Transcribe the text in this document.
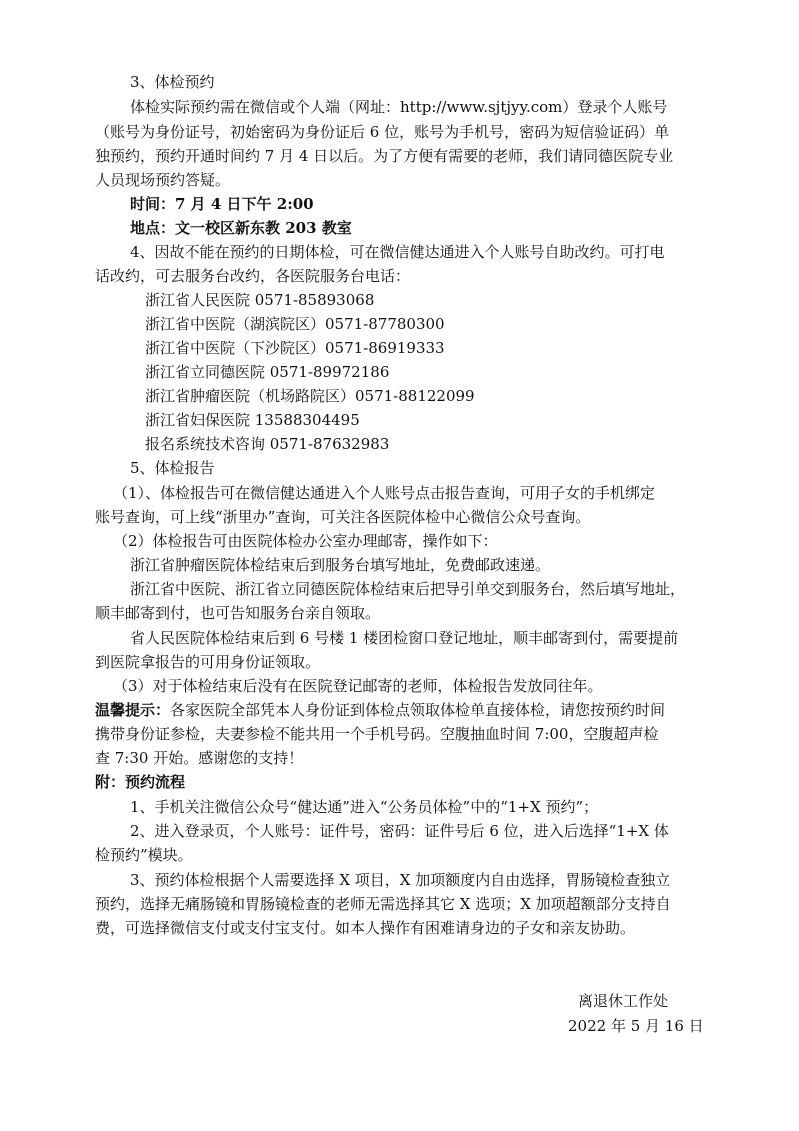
3、体检预约
体检实际预约需在微信或个人端（网址：http://www.sjtjyy.com）登录个人账号
（账号为身份证号，初始密码为身份证后 6 位，账号为手机号，密码为短信验证码）单
独预约，预约开通时间约 7 月 4 日以后。为了方便有需要的老师，我们请同德医院专业
人员现场预约答疑。
时间：7 月 4 日下午 2:00
地点：文一校区新东教 203 教室
4、因故不能在预约的日期体检，可在微信健达通进入个人账号自助改约。可打电
话改约，可去服务台改约，各医院服务台电话：
浙江省人民医院 0571-85893068
浙江省中医院（湖滨院区）0571-87780300
浙江省中医院（下沙院区）0571-86919333
浙江省立同德医院 0571-89972186
浙江省肿瘤医院（机场路院区）0571-88122099
浙江省妇保医院 13588304495
报名系统技术咨询 0571-87632983
5、体检报告
（1）、体检报告可在微信健达通进入个人账号点击报告查询，可用子女的手机绑定
账号查询，可上线“浙里办”查询，可关注各医院体检中心微信公众号查询。
（2）体检报告可由医院体检办公室办理邮寄，操作如下：
浙江省肿瘤医院体检结束后到服务台填写地址，免费邮政速递。
浙江省中医院、浙江省立同德医院体检结束后把导引单交到服务台，然后填写地址，
顺丰邮寄到付，也可告知服务台亲自领取。
省人民医院体检结束后到 6 号楼 1 楼团检窗口登记地址，顺丰邮寄到付，需要提前
到医院拿报告的可用身份证领取。
（3）对于体检结束后没有在医院登记邮寄的老师，体检报告发放同往年。
温馨提示：各家医院全部凭本人身份证到体检点领取体检单直接体检，请您按预约时间
携带身份证参检，夫妻参检不能共用一个手机号码。空腹抽血时间 7:00，空腹超声检
查 7:30 开始。感谢您的支持！
附：预约流程
1、手机关注微信公众号“健达通”进入“公务员体检”中的“1+X 预约”；
2、进入登录页，个人账号：证件号，密码：证件号后 6 位，进入后选择“1+X 体
检预约”模块。
3、预约体检根据个人需要选择 X 项目，X 加项额度内自由选择，胃肠镜检查独立
预约，选择无痛肠镜和胃肠镜检查的老师无需选择其它 X 选项；X 加项超额部分支持自
费，可选择微信支付或支付宝支付。如本人操作有困难请身边的子女和亲友协助。
离退休工作处
2022 年 5 月 16 日
